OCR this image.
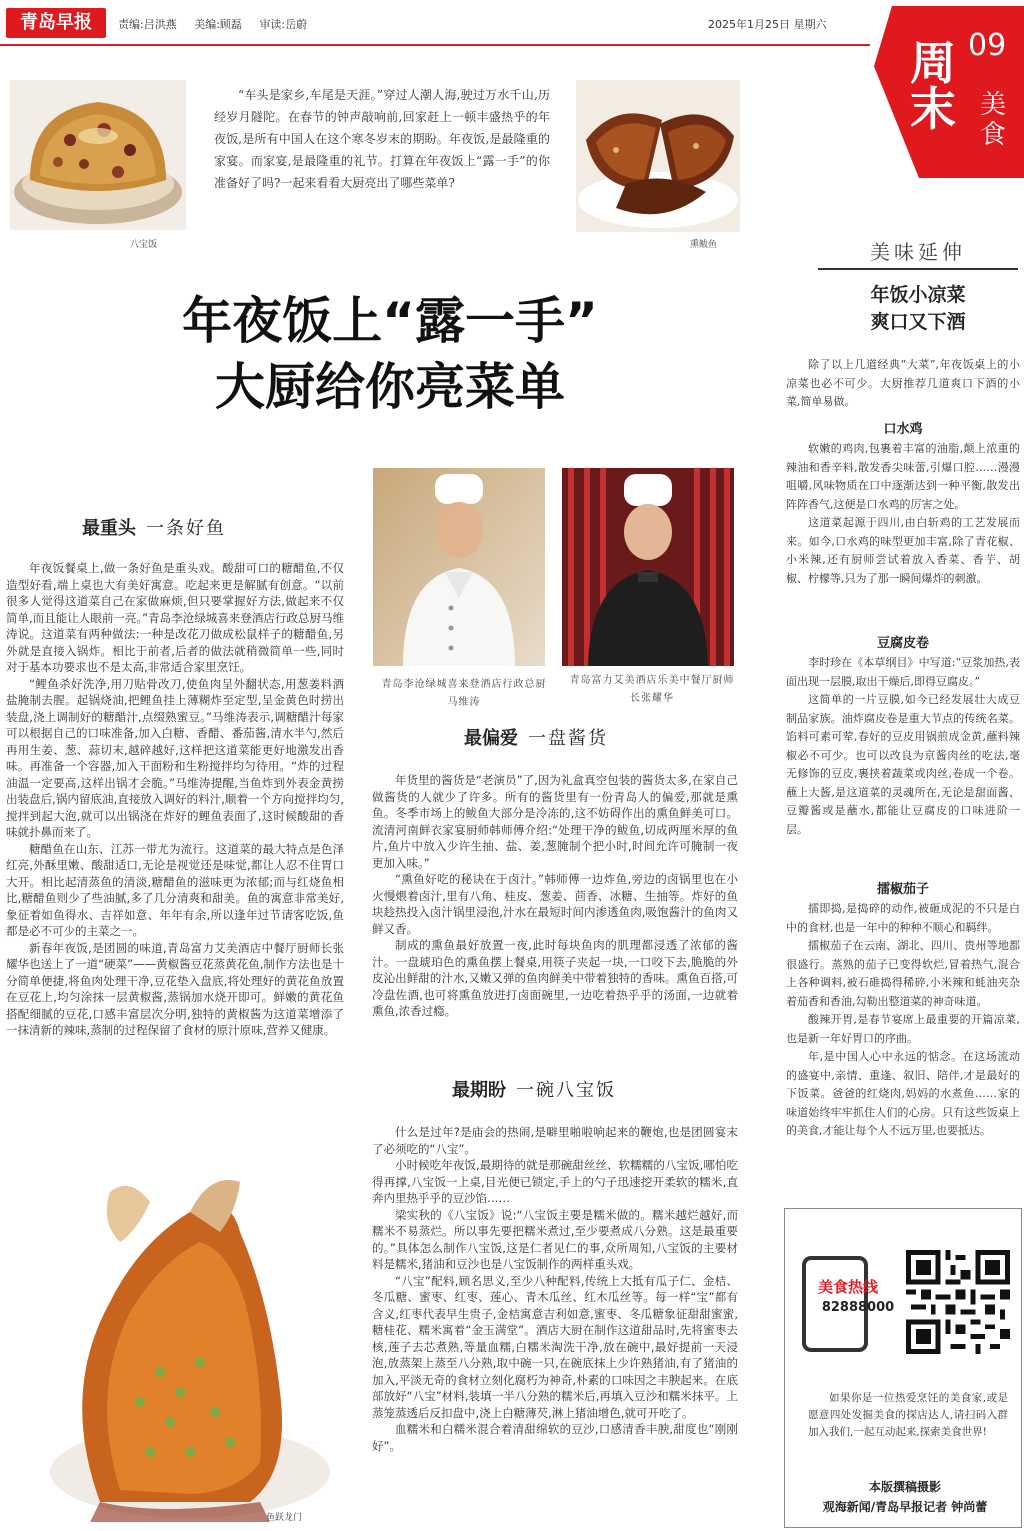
青岛早报	责编:吕洪燕 美编:顾磊 审读:岳蔚	2025年1月25日 星期六
周末
09
美食
八宝饭
“车头是家乡,车尾是天涯。”穿过人潮人海,驶过万水千山,历经岁月隧陀。在春节的钟声敲响前,回家赶上一顿丰盛热乎的年夜饭,是所有中国人在这个寒冬岁末的期盼。年夜饭,是最隆重的家宴。而家宴,是最隆重的礼节。打算在年夜饭上“露一手”的你准备好了吗?一起来看看大厨亮出了哪些菜单?
熏鲅鱼
年夜饭上“露一手”
大厨给你亮菜单
青岛李沧绿城喜来登酒店行政总厨马维涛
青岛富力艾美酒店乐美中餐厅厨师长张耀华
最重头 一条好鱼

年夜饭餐桌上,做一条好鱼是重头戏。酸甜可口的糖醋鱼,不仅造型好看,端上桌也大有美好寓意。吃起来更是解腻有创意。“以前很多人觉得这道菜自己在家做麻烦,但只要掌握好方法,做起来不仅简单,而且能让人眼前一亮。”青岛李沧绿城喜来登酒店行政总厨马维涛说。这道菜有两种做法:一种是改花刀做成松鼠样子的糖醋鱼,另外就是直接入锅炸。相比于前者,后者的做法就稍微简单一些,同时对于基本功要求也不是太高,非常适合家里烹饪。

“鲤鱼杀好洗净,用刀贴骨改刀,使鱼肉呈外翻状态,用葱姜料酒盐腌制去腥。起锅烧油,把鲤鱼挂上薄糊炸至定型,呈金黄色时捞出装盘,浇上调制好的糖醋汁,点缀熟蜜豆。”马维涛表示,调糖醋汁每家可以根据自己的口味准备,加入白糖、香醋、番茄酱,清水半勺,然后再用生姜、葱、蒜切末,越碎越好,这样把这道菜能更好地激发出香味。再准备一个容器,加入干面粉和生粉搅拌均匀待用。“炸的过程油温一定要高,这样出锅才会脆。”马维涛提醒,当鱼炸到外表金黄捞出装盘后,锅内留底油,直接放入调好的料汁,顺着一个方向搅拌均匀,搅拌到起大泡,就可以出锅浇在炸好的鲤鱼表面了,这时候酸甜的香味就扑鼻而来了。

糖醋鱼在山东、江苏一带尤为流行。这道菜的最大特点是色泽红亮,外酥里嫩、酸甜适口,无论是视觉还是味觉,都让人忍不住胃口大开。相比起清蒸鱼的清淡,糖醋鱼的滋味更为浓郁;而与红烧鱼相比,糖醋鱼则少了些油腻,多了几分清爽和甜美。鱼的寓意非常美好,象征着如鱼得水、吉祥如意、年年有余,所以逢年过节请客吃饭,鱼都是必不可少的主菜之一。

新春年夜饭,是团圆的味道,青岛富力艾美酒店中餐厅厨师长张耀华也送上了一道“硬菜”——黄椒酱豆花蒸黄花鱼,制作方法也是十分简单便捷,将鱼肉处理干净,豆花垫入盘底,将处理好的黄花鱼放置在豆花上,均匀涂抹一层黄椒酱,蒸锅加水烧开即可。鲜嫩的黄花鱼搭配细腻的豆花,口感丰富层次分明,独特的黄椒酱为这道菜增添了一抹清新的辣味,蒸制的过程保留了食材的原汁原味,营养又健康。

最偏爱 一盘酱货

年货里的酱货是“老演员”了,因为礼盒真空包装的酱货太多,在家自己做酱货的人就少了许多。所有的酱货里有一份青岛人的偏爱,那就是熏鱼。冬季市场上的鲅鱼大部分是冷冻的,这不妨碍作出的熏鱼鲜美可口。流清河南鲜衣家宴厨师韩师傅介绍:“处理干净的鲅鱼,切成两厘米厚的鱼片,鱼片中放入少许生抽、盐、姜,葱腌制个把小时,时间允许可腌制一夜更加入味。”

“熏鱼好吃的秘诀在于卤汁。”韩师傅一边炸鱼,旁边的卤锅里也在小火慢煨着卤汁,里有八角、桂皮、葱姜、茴香、冰糖、生抽等。炸好的鱼块趁热投入卤汁锅里浸泡,汁水在最短时间内渗透鱼肉,吸饱酱汁的鱼肉又鲜又香。

制成的熏鱼最好放置一夜,此时每块鱼肉的肌理都浸透了浓郁的酱汁。一盘琥珀色的熏鱼摆上餐桌,用筷子夹起一块,一口咬下去,脆脆的外皮沁出鲜甜的汁水,又嫩又弹的鱼肉鲜美中带着独特的香味。熏鱼百搭,可冷盘佐酒,也可将熏鱼放进打卤面碗里,一边吃着热乎乎的汤面,一边就着熏鱼,浓香过瘾。

最期盼 一碗八宝饭

什么是过年?是庙会的热闹,是噼里啪啦响起来的鞭炮,也是团圆宴末了必须吃的“八宝”。

小时候吃年夜饭,最期待的就是那碗甜丝丝、软糯糯的八宝饭,哪怕吃得再撑,八宝饭一上桌,目光便已锁定,手上的勺子迅速挖开柔软的糯米,直奔内里热乎乎的豆沙馅……

梁实秋的《八宝饭》说:“八宝饭主要是糯米做的。糯米越烂越好,而糯米不易蒸烂。所以事先要把糯米煮过,至少要煮成八分熟。这是最重要的。”具体怎么制作八宝饭,这是仁者见仁的事,众所周知,八宝饭的主要材料是糯米,猪油和豆沙也是八宝饭制作的两样重头戏。

“八宝”配料,顾名思义,至少八种配料,传统上大抵有瓜子仁、金桔、冬瓜糖、蜜枣、红枣、莲心、青木瓜丝、红木瓜丝等。每一样“宝”都有含义,红枣代表早生贵子,金桔寓意吉利如意,蜜枣、冬瓜糖象征甜甜蜜蜜,糖桂花、糯米寓着“金玉满堂”。酒店大厨在制作这道甜品时,先将蜜枣去核,莲子去芯煮熟,等量血糯,白糯米淘洗干净,放在碗中,最好提前一天浸泡,放蒸架上蒸至八分熟,取中碗一只,在碗底抹上少许熟猪油,有了猪油的加入,平淡无奇的食材立刻化腐朽为神奇,朴素的口味因之丰腴起来。在底部放好“八宝”材料,装填一半八分熟的糯米后,再填入豆沙和糯米抹平。上蒸笼蒸透后反扣盘中,浇上白糖薄芡,淋上猪油增色,就可开吃了。

血糯米和白糯米混合着清甜绵软的豆沙,口感清香丰腴,甜度也“刚刚好”。

鱼跃龙门
美味延伸
年饭小凉菜
爽口又下酒

除了以上几道经典“大菜”,年夜饭桌上的小凉菜也必不可少。大厨推荐几道爽口下酒的小菜,简单易做。

口水鸡

软嫩的鸡肉,包裹着丰富的油脂,颠上浓重的辣油和香辛料,散发香尖味蕾,引爆口腔……漫漫咀嚼,风味物质在口中逐渐达到一种平衡,散发出阵阵香气,这便是口水鸡的厉害之处。

这道菜起源于四川,由白斩鸡的工艺发展而来。如今,口水鸡的味型更加丰富,除了青花椒、小米辣,还有厨师尝试着放入香菜、香芋、胡椒、柠檬等,只为了那一瞬间爆炸的刺激。

豆腐皮卷

李时珍在《本草纲目》中写道:“豆浆加热,表面出现一层膜,取出干燥后,即得豆腐皮。”

这简单的一片豆膜,如今已经发展壮大成豆制品家族。油炸腐皮卷是重大节点的传统名菜。馅料可素可荤,春好的豆皮用锅煎成金黄,蘸料辣椒必不可少。也可以改良为京酱肉丝的吃法,毫无修饰的豆皮,裹挟着蔬菜或肉丝,卷成一个卷。蘸上大酱,是这道菜的灵魂所在,无论是甜面酱、豆瓣酱或是蘸水,都能让豆腐皮的口味进阶一层。

擂椒茄子

擂即捣,是捣碎的动作,被砸成泥的不只是白中的食材,也是一年中的种种不顺心和羁绊。

擂椒茄子在云南、湖北、四川、贵州等地都很盛行。蒸熟的茄子已变得软烂,冒着热气,混合上各种调料,被石碓捣得稀碎,小米辣和蚝油夹杂着茄香和香油,勾勒出整道菜的神奇味道。

酸辣开胃,是春节宴席上最重要的开篇凉菜,也是新一年好胃口的序曲。

年,是中国人心中永远的惦念。在这场流动的盛宴中,亲情、重逢、叙旧、陪伴,才是最好的下饭菜。爸爸的红烧肉,妈妈的水煮鱼……家的味道始终牢牢抓住人们的心房。只有这些饭桌上的美食,才能让每个人不远万里,也要抵达。

美食热线
82888000
如果你是一位热爱烹饪的美食家,或是愿意四处发掘美食的探店达人,请扫码入群加入我们,一起互动起来,探索美食世界!
本版撰稿摄影
观海新闻/青岛早报记者 钟尚蕾
